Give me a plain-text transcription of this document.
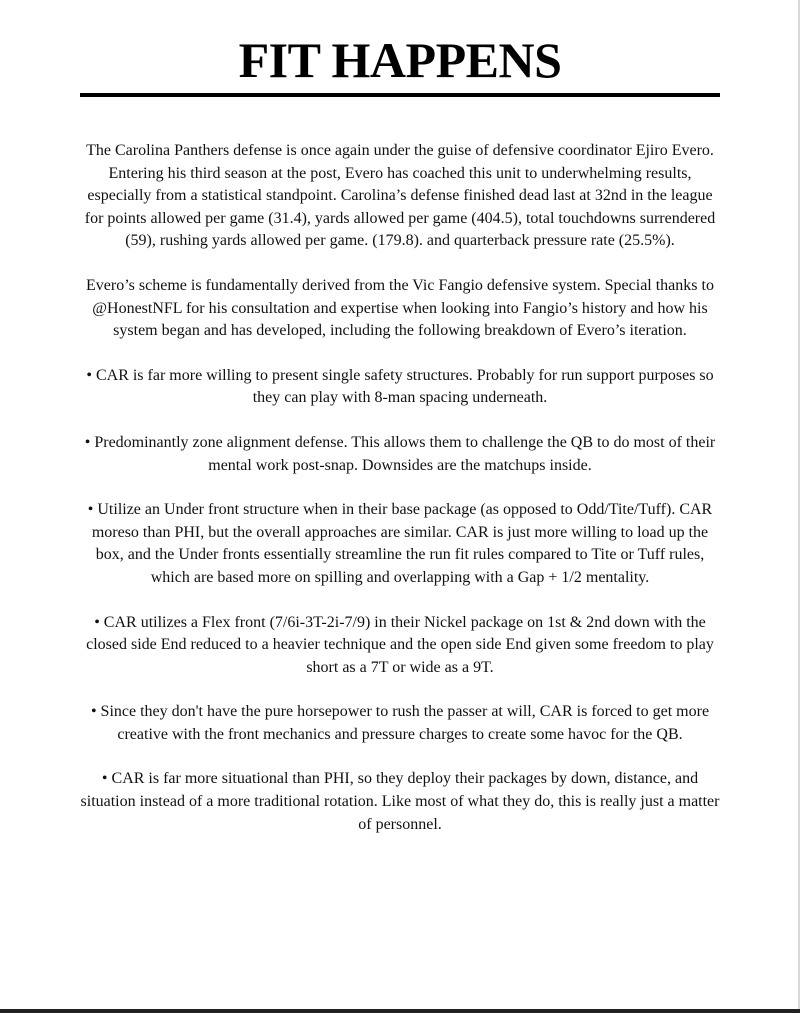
FIT HAPPENS

The Carolina Panthers defense is once again under the guise of defensive coordinator Ejiro Evero. Entering his third season at the post, Evero has coached this unit to underwhelming results, especially from a statistical standpoint. Carolina’s defense finished dead last at 32nd in the league for points allowed per game (31.4), yards allowed per game (404.5), total touchdowns surrendered (59), rushing yards allowed per game. (179.8). and quarterback pressure rate (25.5%).

Evero’s scheme is fundamentally derived from the Vic Fangio defensive system. Special thanks to @HonestNFL for his consultation and expertise when looking into Fangio’s history and how his system began and has developed, including the following breakdown of Evero’s iteration.

• CAR is far more willing to present single safety structures. Probably for run support purposes so they can play with 8-man spacing underneath.

• Predominantly zone alignment defense. This allows them to challenge the QB to do most of their mental work post-snap. Downsides are the matchups inside.

• Utilize an Under front structure when in their base package (as opposed to Odd/Tite/Tuff). CAR moreso than PHI, but the overall approaches are similar. CAR is just more willing to load up the box, and the Under fronts essentially streamline the run fit rules compared to Tite or Tuff rules, which are based more on spilling and overlapping with a Gap + 1/2 mentality.

• CAR utilizes a Flex front (7/6i-3T-2i-7/9) in their Nickel package on 1st & 2nd down with the closed side End reduced to a heavier technique and the open side End given some freedom to play short as a 7T or wide as a 9T.

• Since they don't have the pure horsepower to rush the passer at will, CAR is forced to get more creative with the front mechanics and pressure charges to create some havoc for the QB.

• CAR is far more situational than PHI, so they deploy their packages by down, distance, and situation instead of a more traditional rotation. Like most of what they do, this is really just a matter of personnel.
